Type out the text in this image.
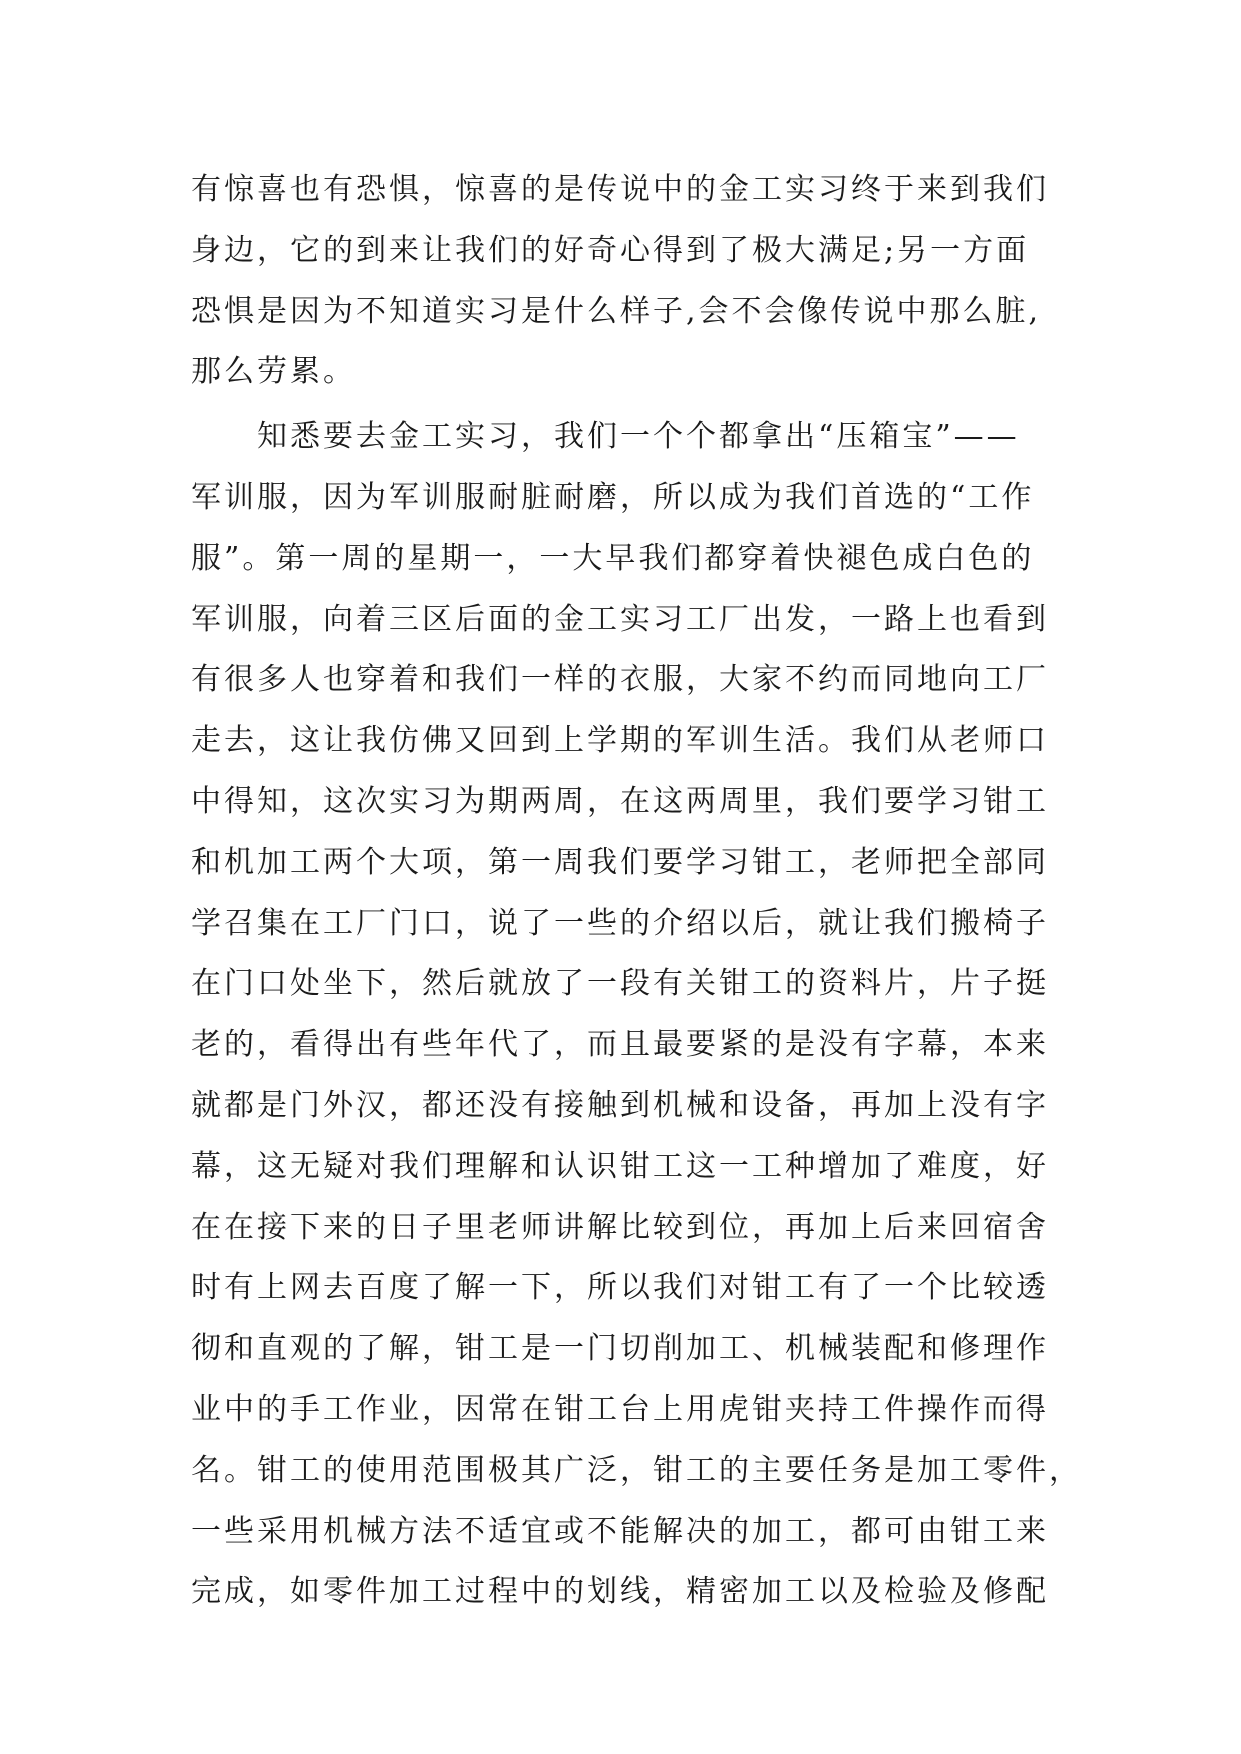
有惊喜也有恐惧，惊喜的是传说中的金工实习终于来到我们
身边，它的到来让我们的好奇心得到了极大满足;另一方面
恐惧是因为不知道实习是什么样子,会不会像传说中那么脏,
那么劳累。
　　知悉要去金工实习，我们一个个都拿出“压箱宝”——
军训服，因为军训服耐脏耐磨，所以成为我们首选的“工作
服”。第一周的星期一，一大早我们都穿着快褪色成白色的
军训服，向着三区后面的金工实习工厂出发，一路上也看到
有很多人也穿着和我们一样的衣服，大家不约而同地向工厂
走去，这让我仿佛又回到上学期的军训生活。我们从老师口
中得知，这次实习为期两周，在这两周里，我们要学习钳工
和机加工两个大项，第一周我们要学习钳工，老师把全部同
学召集在工厂门口，说了一些的介绍以后，就让我们搬椅子
在门口处坐下，然后就放了一段有关钳工的资料片，片子挺
老的，看得出有些年代了，而且最要紧的是没有字幕，本来
就都是门外汉，都还没有接触到机械和设备，再加上没有字
幕，这无疑对我们理解和认识钳工这一工种增加了难度，好
在在接下来的日子里老师讲解比较到位，再加上后来回宿舍
时有上网去百度了解一下，所以我们对钳工有了一个比较透
彻和直观的了解，钳工是一门切削加工、机械装配和修理作
业中的手工作业，因常在钳工台上用虎钳夹持工件操作而得
名。钳工的使用范围极其广泛，钳工的主要任务是加工零件，
一些采用机械方法不适宜或不能解决的加工，都可由钳工来
完成，如零件加工过程中的划线，精密加工以及检验及修配
